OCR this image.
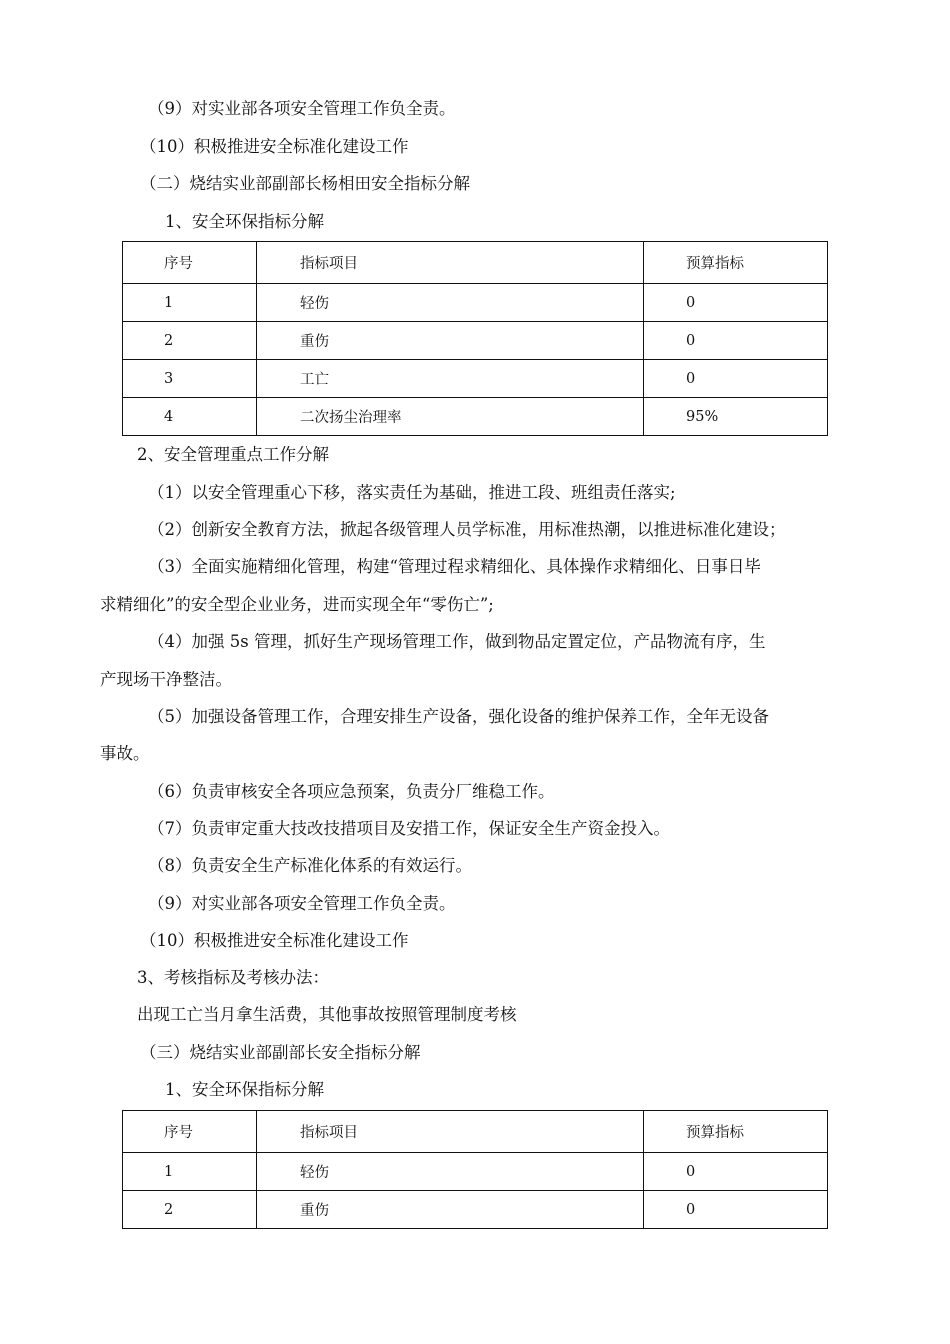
（9）对实业部各项安全管理工作负全责。
（10）积极推进安全标准化建设工作
（二）烧结实业部副部长杨相田安全指标分解
1、安全环保指标分解
序号	指标项目	预算指标
1	轻伤	0
2	重伤	0
3	工亡	0
4	二次扬尘治理率	95%
2、安全管理重点工作分解
（1）以安全管理重心下移，落实责任为基础，推进工段、班组责任落实;
（2）创新安全教育方法，掀起各级管理人员学标准，用标准热潮，以推进标准化建设；
（3）全面实施精细化管理，构建“管理过程求精细化、具体操作求精细化、日事日毕
求精细化”的安全型企业业务，进而实现全年“零伤亡”;
（4）加强 5s 管理，抓好生产现场管理工作，做到物品定置定位，产品物流有序，生
产现场干净整洁。
（5）加强设备管理工作，合理安排生产设备，强化设备的维护保养工作，全年无设备
事故。
（6）负责审核安全各项应急预案，负责分厂维稳工作。
（7）负责审定重大技改技措项目及安措工作，保证安全生产资金投入。
（8）负责安全生产标准化体系的有效运行。
（9）对实业部各项安全管理工作负全责。
（10）积极推进安全标准化建设工作
3、考核指标及考核办法：
出现工亡当月拿生活费，其他事故按照管理制度考核
（三）烧结实业部副部长安全指标分解
1、安全环保指标分解
序号	指标项目	预算指标
1	轻伤	0
2	重伤	0
